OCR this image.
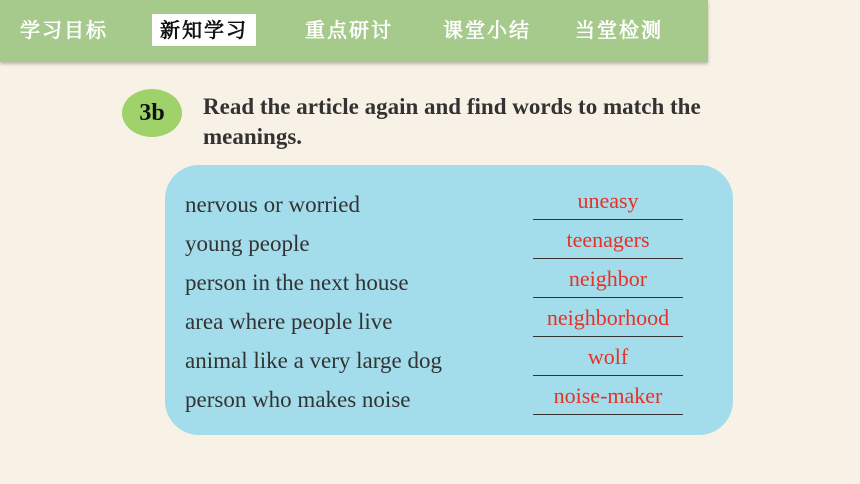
学习目标	新知学习	重点研讨	课堂小结 当堂检测
3b	Read the article again and find words to match the meanings.
nervous or worried	uneasy
young people	teenagers
person in the next house	neighbor
area where people live	neighborhood
animal like a very large dog	wolf
person who makes noise	noise-maker
